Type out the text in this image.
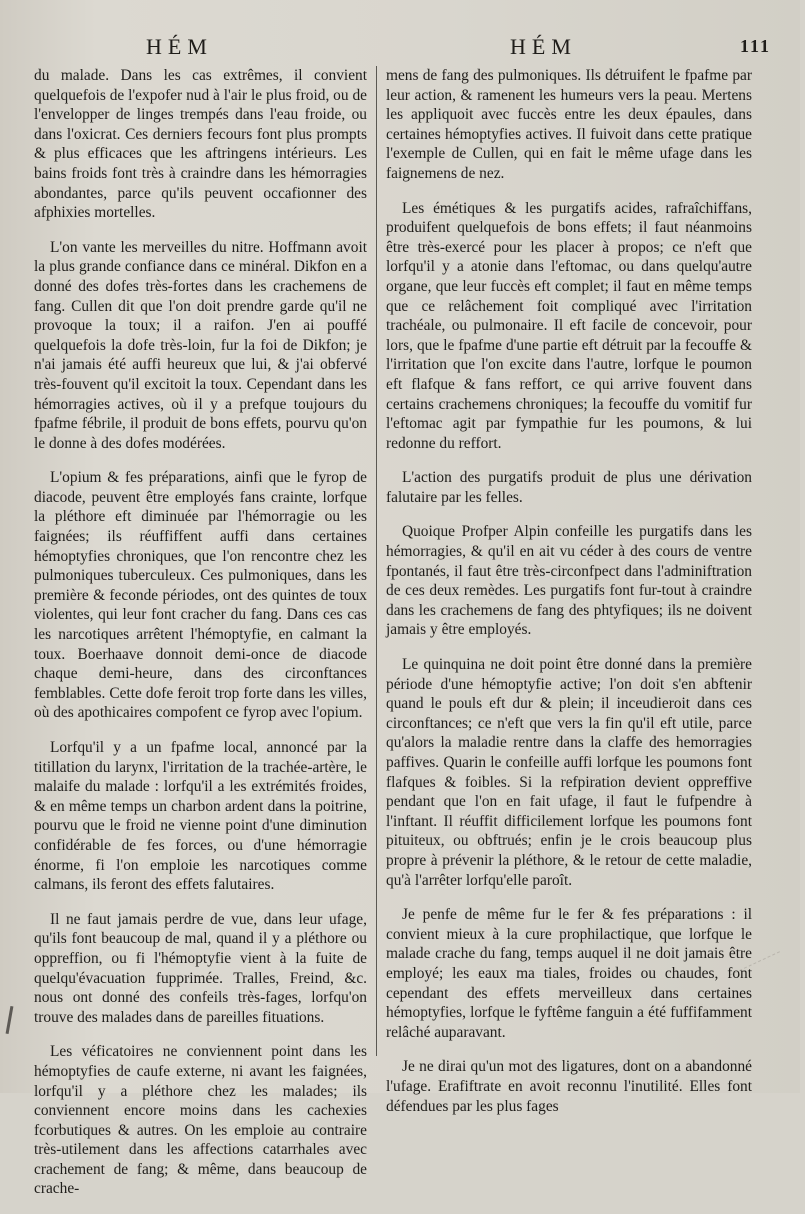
HÉM	HÉM	111

du malade. Dans les cas extrêmes, il convient quelquefois de l'expofer nud à l'air le plus froid, ou de l'envelopper de linges trempés dans l'eau froide, ou dans l'oxicrat. Ces derniers fecours font plus prompts & plus efficaces que les aftringens intérieurs. Les bains froids font très à craindre dans les hémorragies abondantes, parce qu'ils peuvent occafionner des afphixies mortelles.

L'on vante les merveilles du nitre. Hoffmann avoit la plus grande confiance dans ce minéral. Dikfon en a donné des dofes très-fortes dans les crachemens de fang. Cullen dit que l'on doit prendre garde qu'il ne provoque la toux; il a raifon. J'en ai pouffé quelquefois la dofe très-loin, fur la foi de Dikfon; je n'ai jamais été auffi heureux que lui, & j'ai obfervé très-fouvent qu'il excitoit la toux. Cependant dans les hémorragies actives, où il y a prefque toujours du fpafme fébrile, il produit de bons effets, pourvu qu'on le donne à des dofes modérées.

L'opium & fes préparations, ainfi que le fyrop de diacode, peuvent être employés fans crainte, lorfque la pléthore eft diminuée par l'hémorragie ou les faignées; ils réuffiffent auffi dans certaines hémoptyfies chroniques, que l'on rencontre chez les pulmoniques tuberculeux. Ces pulmoniques, dans les première & feconde périodes, ont des quintes de toux violentes, qui leur font cracher du fang. Dans ces cas les narcotiques arrêtent l'hémoptyfie, en calmant la toux. Boerhaave donnoit demi-once de diacode chaque demi-heure, dans des circonftances femblables. Cette dofe feroit trop forte dans les villes, où des apothicaires compofent ce fyrop avec l'opium.

Lorfqu'il y a un fpafme local, annoncé par la titillation du larynx, l'irritation de la trachée-artère, le malaife du malade : lorfqu'il a les extrémités froides, & en même temps un charbon ardent dans la poitrine, pourvu que le froid ne vienne point d'une diminution confidérable de fes forces, ou d'une hémorragie énorme, fi l'on emploie les narcotiques comme calmans, ils feront des effets falutaires.

Il ne faut jamais perdre de vue, dans leur ufage, qu'ils font beaucoup de mal, quand il y a pléthore ou oppreffion, ou fi l'hémoptyfie vient à la fuite de quelqu'évacuation fupprimée. Tralles, Freind, &c. nous ont donné des confeils très-fages, lorfqu'on trouve des malades dans de pareilles fituations.

Les véficatoires ne conviennent point dans les hémoptyfies de caufe externe, ni avant les faignées, lorfqu'il y a pléthore chez les malades; ils conviennent encore moins dans les cachexies fcorbutiques & autres. On les emploie au contraire très-utilement dans les affections catarrhales avec crachement de fang; & même, dans beaucoup de crache-

mens de fang des pulmoniques. Ils détruifent le fpafme par leur action, & ramenent les humeurs vers la peau. Mertens les appliquoit avec fuccès entre les deux épaules, dans certaines hémoptyfies actives. Il fuivoit dans cette pratique l'exemple de Cullen, qui en fait le même ufage dans les faignemens de nez.

Les émétiques & les purgatifs acides, rafraîchiffans, produifent quelquefois de bons effets; il faut néanmoins être très-exercé pour les placer à propos; ce n'eft que lorfqu'il y a atonie dans l'eftomac, ou dans quelqu'autre organe, que leur fuccès eft complet; il faut en même temps que ce relâchement foit compliqué avec l'irritation trachéale, ou pulmonaire. Il eft facile de concevoir, pour lors, que le fpafme d'une partie eft détruit par la fecouffe & l'irritation que l'on excite dans l'autre, lorfque le poumon eft flafque & fans reffort, ce qui arrive fouvent dans certains crachemens chroniques; la fecouffe du vomitif fur l'eftomac agit par fympathie fur les poumons, & lui redonne du reffort.

L'action des purgatifs produit de plus une dérivation falutaire par les felles.

Quoique Profper Alpin confeille les purgatifs dans les hémorragies, & qu'il en ait vu céder à des cours de ventre fpontanés, il faut être très-circonfpect dans l'adminiftration de ces deux remèdes. Les purgatifs font fur-tout à craindre dans les crachemens de fang des phtyfiques; ils ne doivent jamais y être employés.

Le quinquina ne doit point être donné dans la première période d'une hémoptyfie active; l'on doit s'en abftenir quand le pouls eft dur & plein; il inceudieroit dans ces circonftances; ce n'eft que vers la fin qu'il eft utile, parce qu'alors la maladie rentre dans la claffe des hemorragies paffives. Quarin le confeille auffi lorfque les poumons font flafques & foibles. Si la refpiration devient oppreffive pendant que l'on en fait ufage, il faut le fufpendre à l'inftant. Il réuffit difficilement lorfque les poumons font pituiteux, ou obftrués; enfin je le crois beaucoup plus propre à prévenir la pléthore, & le retour de cette maladie, qu'à l'arrêter lorfqu'elle paroît.

Je penfe de même fur le fer & fes préparations : il convient mieux à la cure prophilactique, que lorfque le malade crache du fang, temps auquel il ne doit jamais être employé; les eaux ma tiales, froides ou chaudes, font cependant des effets merveilleux dans certaines hémoptyfies, lorfque le fyftême fanguin a été fuffifamment relâché auparavant.

Je ne dirai qu'un mot des ligatures, dont on a abandonné l'ufage. Erafiftrate en avoit reconnu l'inutilité. Elles font défendues par les plus fages
